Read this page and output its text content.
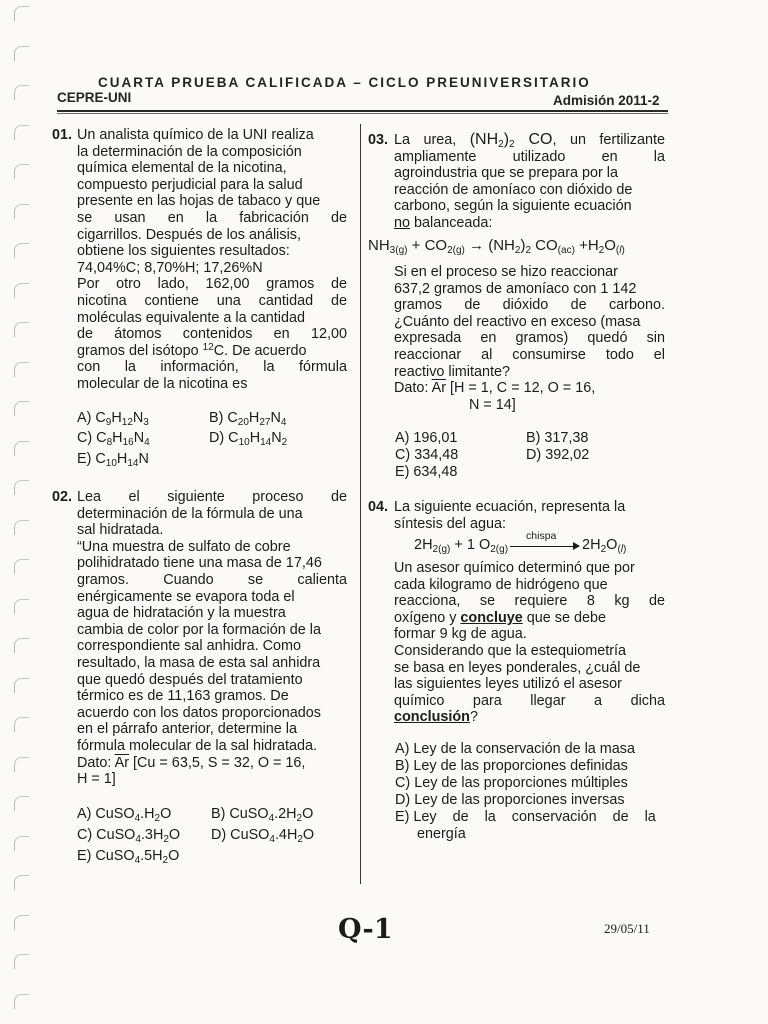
CUARTA PRUEBA CALIFICADA – CICLO PREUNIVERSITARIO
CEPRE-UNI	Admisión 2011-2
01. Un analista químico de la UNI realiza

la determinación de la composición

química elemental de la nicotina,

compuesto perjudicial para la salud

presente en las hojas de tabaco y que

se usan en la fabricación de

cigarrillos. Después de los análisis,

obtiene los siguientes resultados:

74,04%C; 8,70%H; 17,26%N

Por otro lado, 162,00 gramos de

nicotina contiene una cantidad de

moléculas equivalente a la cantidad

de átomos contenidos en 12,00

gramos del isótopo $^{12}$C. De acuerdo

con la información, la fórmula

molecular de la nicotina es

A) $C_9H_{12}N_3$	B) $C_{20}H_{27}N_4$
C) $C_8H_{16}N_4$	D) $C_{10}H_{14}N_2$
E) $C_{10}H_{14}N$
02. Lea el siguiente proceso de

determinación de la fórmula de una

sal hidratada.

“Una muestra de sulfato de cobre

polihidratado tiene una masa de 17,46

gramos. Cuando se calienta

enérgicamente se evapora toda el

agua de hidratación y la muestra

cambia de color por la formación de la

correspondiente sal anhidra. Como

resultado, la masa de esta sal anhidra

que quedó después del tratamiento

térmico es de 11,163 gramos. De

acuerdo con los datos proporcionados

en el párrafo anterior, determine la

fórmula molecular de la sal hidratada.

Dato: $\overline{Ar}$ [Cu = 63,5, S = 32, O = 16,

H = 1]

A) $CuSO_4.H_2O$	B) $CuSO_4.2H_2O$
C) $CuSO_4.3H_2O$ D) $CuSO_4.4H_2O$
E) $CuSO_4.5H_2O$
03. La urea, $(NH_2)_2$ CO, un fertilizante

ampliamente utilizado en la

agroindustria que se prepara por la

reacción de amoníaco con dióxido de

carbono, según la siguiente ecuación

no balanceada:

$NH_{3(g)} + CO_{2(g)} \to (NH_2)_2$ $CO_{(ac)} +H_2O_{(l)}$

Si en el proceso se hizo reaccionar

637,2 gramos de amoníaco con 1 142

gramos de dióxido de carbono.

¿Cuánto del reactivo en exceso (masa

expresada en gramos) quedó sin

reaccionar al consumirse todo el

reactivo limitante?

Dato: $\overline{Ar}$ [H = 1, C = 12, O = 16,

N = 14]

A) 196,01	B) 317,38
C) 334,48	D) 392,02
E) 634,48
04. La siguiente ecuación, representa la

síntesis del agua:

$2H_{2(g)} + 1$ $O_{2(g)}$
chispa
$2H_2O_{(l)}$

Un asesor químico determinó que por

cada kilogramo de hidrógeno que

reacciona, se requiere 8 kg de

oxígeno y concluye que se debe

formar 9 kg de agua.

Considerando que la estequiometría

se basa en leyes ponderales, ¿cuál de

las siguientes leyes utilizó el asesor

químico para llegar a dicha

conclusión?

A) Ley de la conservación de la masa
B) Ley de las proporciones definidas
C) Ley de las proporciones múltiples
D) Ley de las proporciones inversas
E) Ley de la conservación de la
energía
Q-1	29/05/11
